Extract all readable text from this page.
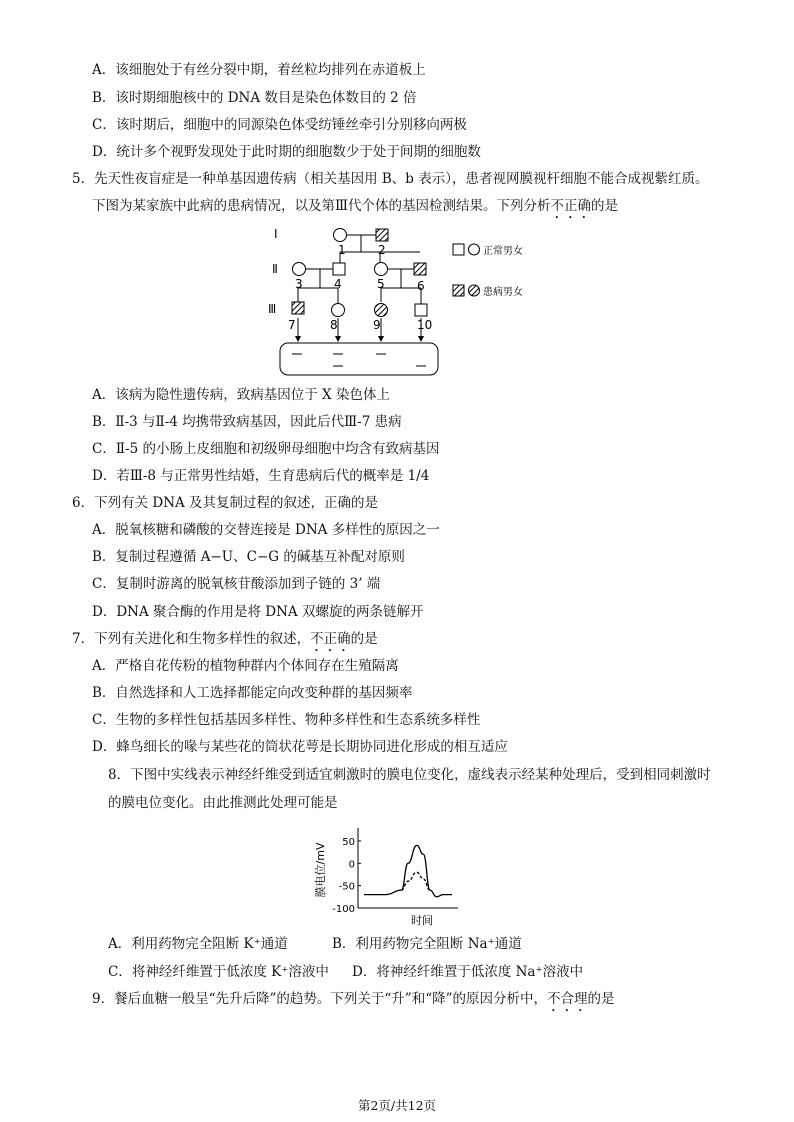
A．该细胞处于有丝分裂中期，着丝粒均排列在赤道板上
B．该时期细胞核中的 DNA 数目是染色体数目的 2 倍
C．该时期后，细胞中的同源染色体受纺锤丝牵引分别移向两极
D．统计多个视野发现处于此时期的细胞数少于处于间期的细胞数
5．先天性夜盲症是一种单基因遗传病（相关基因用 B、b 表示），患者视网膜视杆细胞不能合成视紫红质。
下图为某家族中此病的患病情况，以及第Ⅲ代个体的基因检测结果。下列分析不正确的是
Ⅰ
Ⅱ
Ⅲ
1	2
3	4	5	6
7	8	9	10
正常男女
患病男女
A．该病为隐性遗传病，致病基因位于 X 染色体上
B．Ⅱ-3 与Ⅱ-4 均携带致病基因，因此后代Ⅲ-7 患病
C．Ⅱ-5 的小肠上皮细胞和初级卵母细胞中均含有致病基因
D．若Ⅲ-8 与正常男性结婚，生育患病后代的概率是 1/4
6．下列有关 DNA 及其复制过程的叙述，正确的是
A．脱氧核糖和磷酸的交替连接是 DNA 多样性的原因之一
B．复制过程遵循 A−U、C−G 的碱基互补配对原则
C．复制时游离的脱氧核苷酸添加到子链的 3’ 端
D．DNA 聚合酶的作用是将 DNA 双螺旋的两条链解开
7．下列有关进化和生物多样性的叙述，不正确的是
A．严格自花传粉的植物种群内个体间存在生殖隔离
B．自然选择和人工选择都能定向改变种群的基因频率
C．生物的多样性包括基因多样性、物种多样性和生态系统多样性
D．蜂鸟细长的喙与某些花的筒状花萼是长期协同进化形成的相互适应
8．下图中实线表示神经纤维受到适宜刺激时的膜电位变化，虚线表示经某种处理后，受到相同刺激时
的膜电位变化。由此推测此处理可能是
50
0
-50
-100
膜电位/mV
时间
A．利用药物完全阻断 K⁺通道	B．利用药物完全阻断 Na⁺通道
C．将神经纤维置于低浓度 K⁺溶液中 D．将神经纤维置于低浓度 Na⁺溶液中
9．餐后血糖一般呈“先升后降”的趋势。下列关于“升”和“降”的原因分析中，不合理的是
第2页/共12页
